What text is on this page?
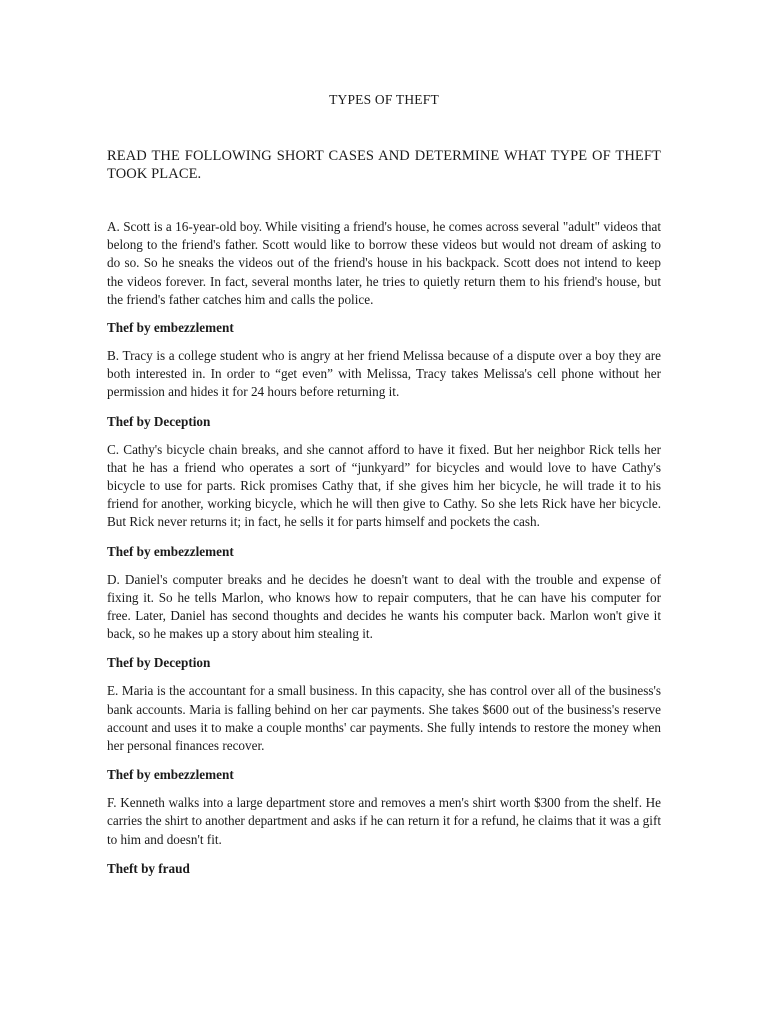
TYPES OF THEFT
READ THE FOLLOWING SHORT CASES AND DETERMINE WHAT TYPE OF THEFT TOOK PLACE.

A. Scott is a 16-year-old boy. While visiting a friend's house, he comes across several "adult" videos that belong to the friend's father. Scott would like to borrow these videos but would not dream of asking to do so. So he sneaks the videos out of the friend's house in his backpack. Scott does not intend to keep the videos forever. In fact, several months later, he tries to quietly return them to his friend's house, but the friend's father catches him and calls the police.

Thef by embezzlement

B. Tracy is a college student who is angry at her friend Melissa because of a dispute over a boy they are both interested in. In order to “get even” with Melissa, Tracy takes Melissa's cell phone without her permission and hides it for 24 hours before returning it.

Thef by Deception

C. Cathy's bicycle chain breaks, and she cannot afford to have it fixed. But her neighbor Rick tells her that he has a friend who operates a sort of “junkyard” for bicycles and would love to have Cathy's bicycle to use for parts. Rick promises Cathy that, if she gives him her bicycle, he will trade it to his friend for another, working bicycle, which he will then give to Cathy. So she lets Rick have her bicycle. But Rick never returns it; in fact, he sells it for parts himself and pockets the cash.

Thef by embezzlement

D. Daniel's computer breaks and he decides he doesn't want to deal with the trouble and expense of fixing it. So he tells Marlon, who knows how to repair computers, that he can have his computer for free. Later, Daniel has second thoughts and decides he wants his computer back. Marlon won't give it back, so he makes up a story about him stealing it.

Thef by Deception

E. Maria is the accountant for a small business. In this capacity, she has control over all of the business's bank accounts. Maria is falling behind on her car payments. She takes $600 out of the business's reserve account and uses it to make a couple months' car payments. She fully intends to restore the money when her personal finances recover.

Thef by embezzlement

F. Kenneth walks into a large department store and removes a men's shirt worth $300 from the shelf. He carries the shirt to another department and asks if he can return it for a refund, he claims that it was a gift to him and doesn't fit.

Theft by fraud
